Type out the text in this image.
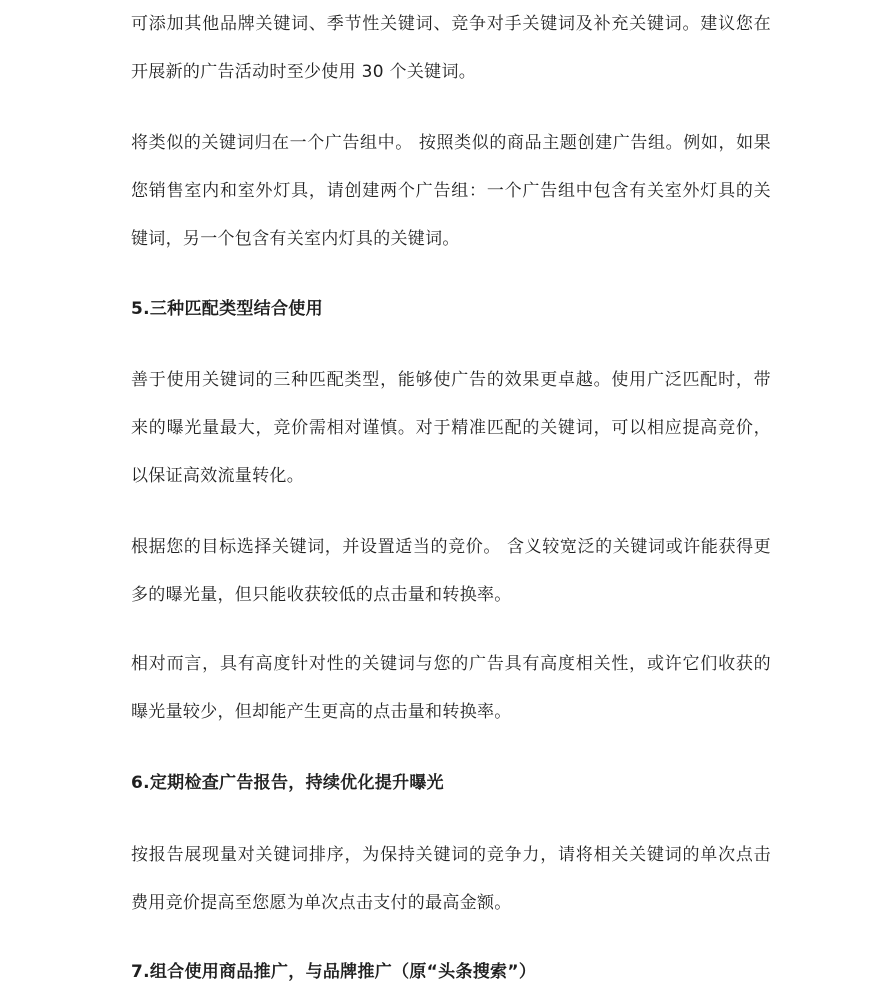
可添加其他品牌关键词、季节性关键词、竞争对手关键词及补充关键词。建议您在开展新的广告活动时至少使用 30 个关键词。

将类似的关键词归在一个广告组中。 按照类似的商品主题创建广告组。例如，如果您销售室内和室外灯具，请创建两个广告组：一个广告组中包含有关室外灯具的关键词，另一个包含有关室内灯具的关键词。

5.三种匹配类型结合使用

善于使用关键词的三种匹配类型，能够使广告的效果更卓越。使用广泛匹配时，带来的曝光量最大，竞价需相对谨慎。对于精准匹配的关键词，可以相应提高竞价，以保证高效流量转化。

根据您的目标选择关键词，并设置适当的竞价。 含义较宽泛的关键词或许能获得更多的曝光量，但只能收获较低的点击量和转换率。

相对而言，具有高度针对性的关键词与您的广告具有高度相关性，或许它们收获的曝光量较少，但却能产生更高的点击量和转换率。

6.定期检查广告报告，持续优化提升曝光

按报告展现量对关键词排序，为保持关键词的竞争力，请将相关关键词的单次点击费用竞价提高至您愿为单次点击支付的最高金额。

7.组合使用商品推广，与品牌推广（原“头条搜索”）
